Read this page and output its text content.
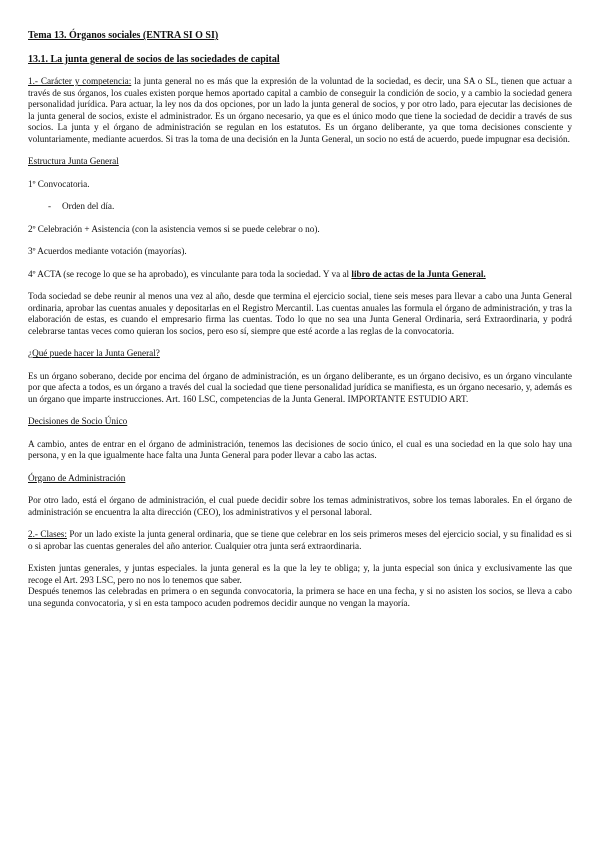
Tema 13. Órganos sociales (ENTRA SI O SI)
13.1. La junta general de socios de las sociedades de capital

1.- Carácter y competencia: la junta general no es más que la expresión de la voluntad de la sociedad, es decir, una SA o SL, tienen que actuar a través de sus órganos, los cuales existen porque hemos aportado capital a cambio de conseguir la condición de socio, y a cambio la sociedad genera personalidad jurídica. Para actuar, la ley nos da dos opciones, por un lado la junta general de socios, y por otro lado, para ejecutar las decisiones de la junta general de socios, existe el administrador. Es un órgano necesario, ya que es el único modo que tiene la sociedad de decidir a través de sus socios. La junta y el órgano de administración se regulan en los estatutos. Es un órgano deliberante, ya que toma decisiones consciente y voluntariamente, mediante acuerdos. Si tras la toma de una decisión en la Junta General, un socio no está de acuerdo, puede impugnar esa decisión.

Estructura Junta General

1º Convocatoria.

- Orden del día.

2º Celebración + Asistencia (con la asistencia vemos si se puede celebrar o no).

3º Acuerdos mediante votación (mayorías).

4º ACTA (se recoge lo que se ha aprobado), es vinculante para toda la sociedad. Y va al libro de actas de la Junta General.

Toda sociedad se debe reunir al menos una vez al año, desde que termina el ejercicio social, tiene seis meses para llevar a cabo una Junta General ordinaria, aprobar las cuentas anuales y depositarlas en el Registro Mercantil. Las cuentas anuales las formula el órgano de administración, y tras la elaboración de estas, es cuando el empresario firma las cuentas. Todo lo que no sea una Junta General Ordinaria, será Extraordinaria, y podrá celebrarse tantas veces como quieran los socios, pero eso sí, siempre que esté acorde a las reglas de la convocatoria.

¿Qué puede hacer la Junta General?

Es un órgano soberano, decide por encima del órgano de administración, es un órgano deliberante, es un órgano decisivo, es un órgano vinculante por que afecta a todos, es un órgano a través del cual la sociedad que tiene personalidad jurídica se manifiesta, es un órgano necesario, y, además es un órgano que imparte instrucciones. Art. 160 LSC, competencias de la Junta General. IMPORTANTE ESTUDIO ART.

Decisiones de Socio Único

A cambio, antes de entrar en el órgano de administración, tenemos las decisiones de socio único, el cual es una sociedad en la que solo hay una persona, y en la que igualmente hace falta una Junta General para poder llevar a cabo las actas.

Órgano de Administración

Por otro lado, está el órgano de administración, el cual puede decidir sobre los temas administrativos, sobre los temas laborales. En el órgano de administración se encuentra la alta dirección (CEO), los administrativos y el personal laboral.

2.- Clases: Por un lado existe la junta general ordinaria, que se tiene que celebrar en los seis primeros meses del ejercicio social, y su finalidad es si o si aprobar las cuentas generales del año anterior. Cualquier otra junta será extraordinaria.

Existen juntas generales, y juntas especiales. la junta general es la que la ley te obliga; y, la junta especial son única y exclusivamente las que recoge el Art. 293 LSC, pero no nos lo tenemos que saber.

Después tenemos las celebradas en primera o en segunda convocatoria, la primera se hace en una fecha, y si no asisten los socios, se lleva a cabo una segunda convocatoria, y si en esta tampoco acuden podremos decidir aunque no vengan la mayoría.
